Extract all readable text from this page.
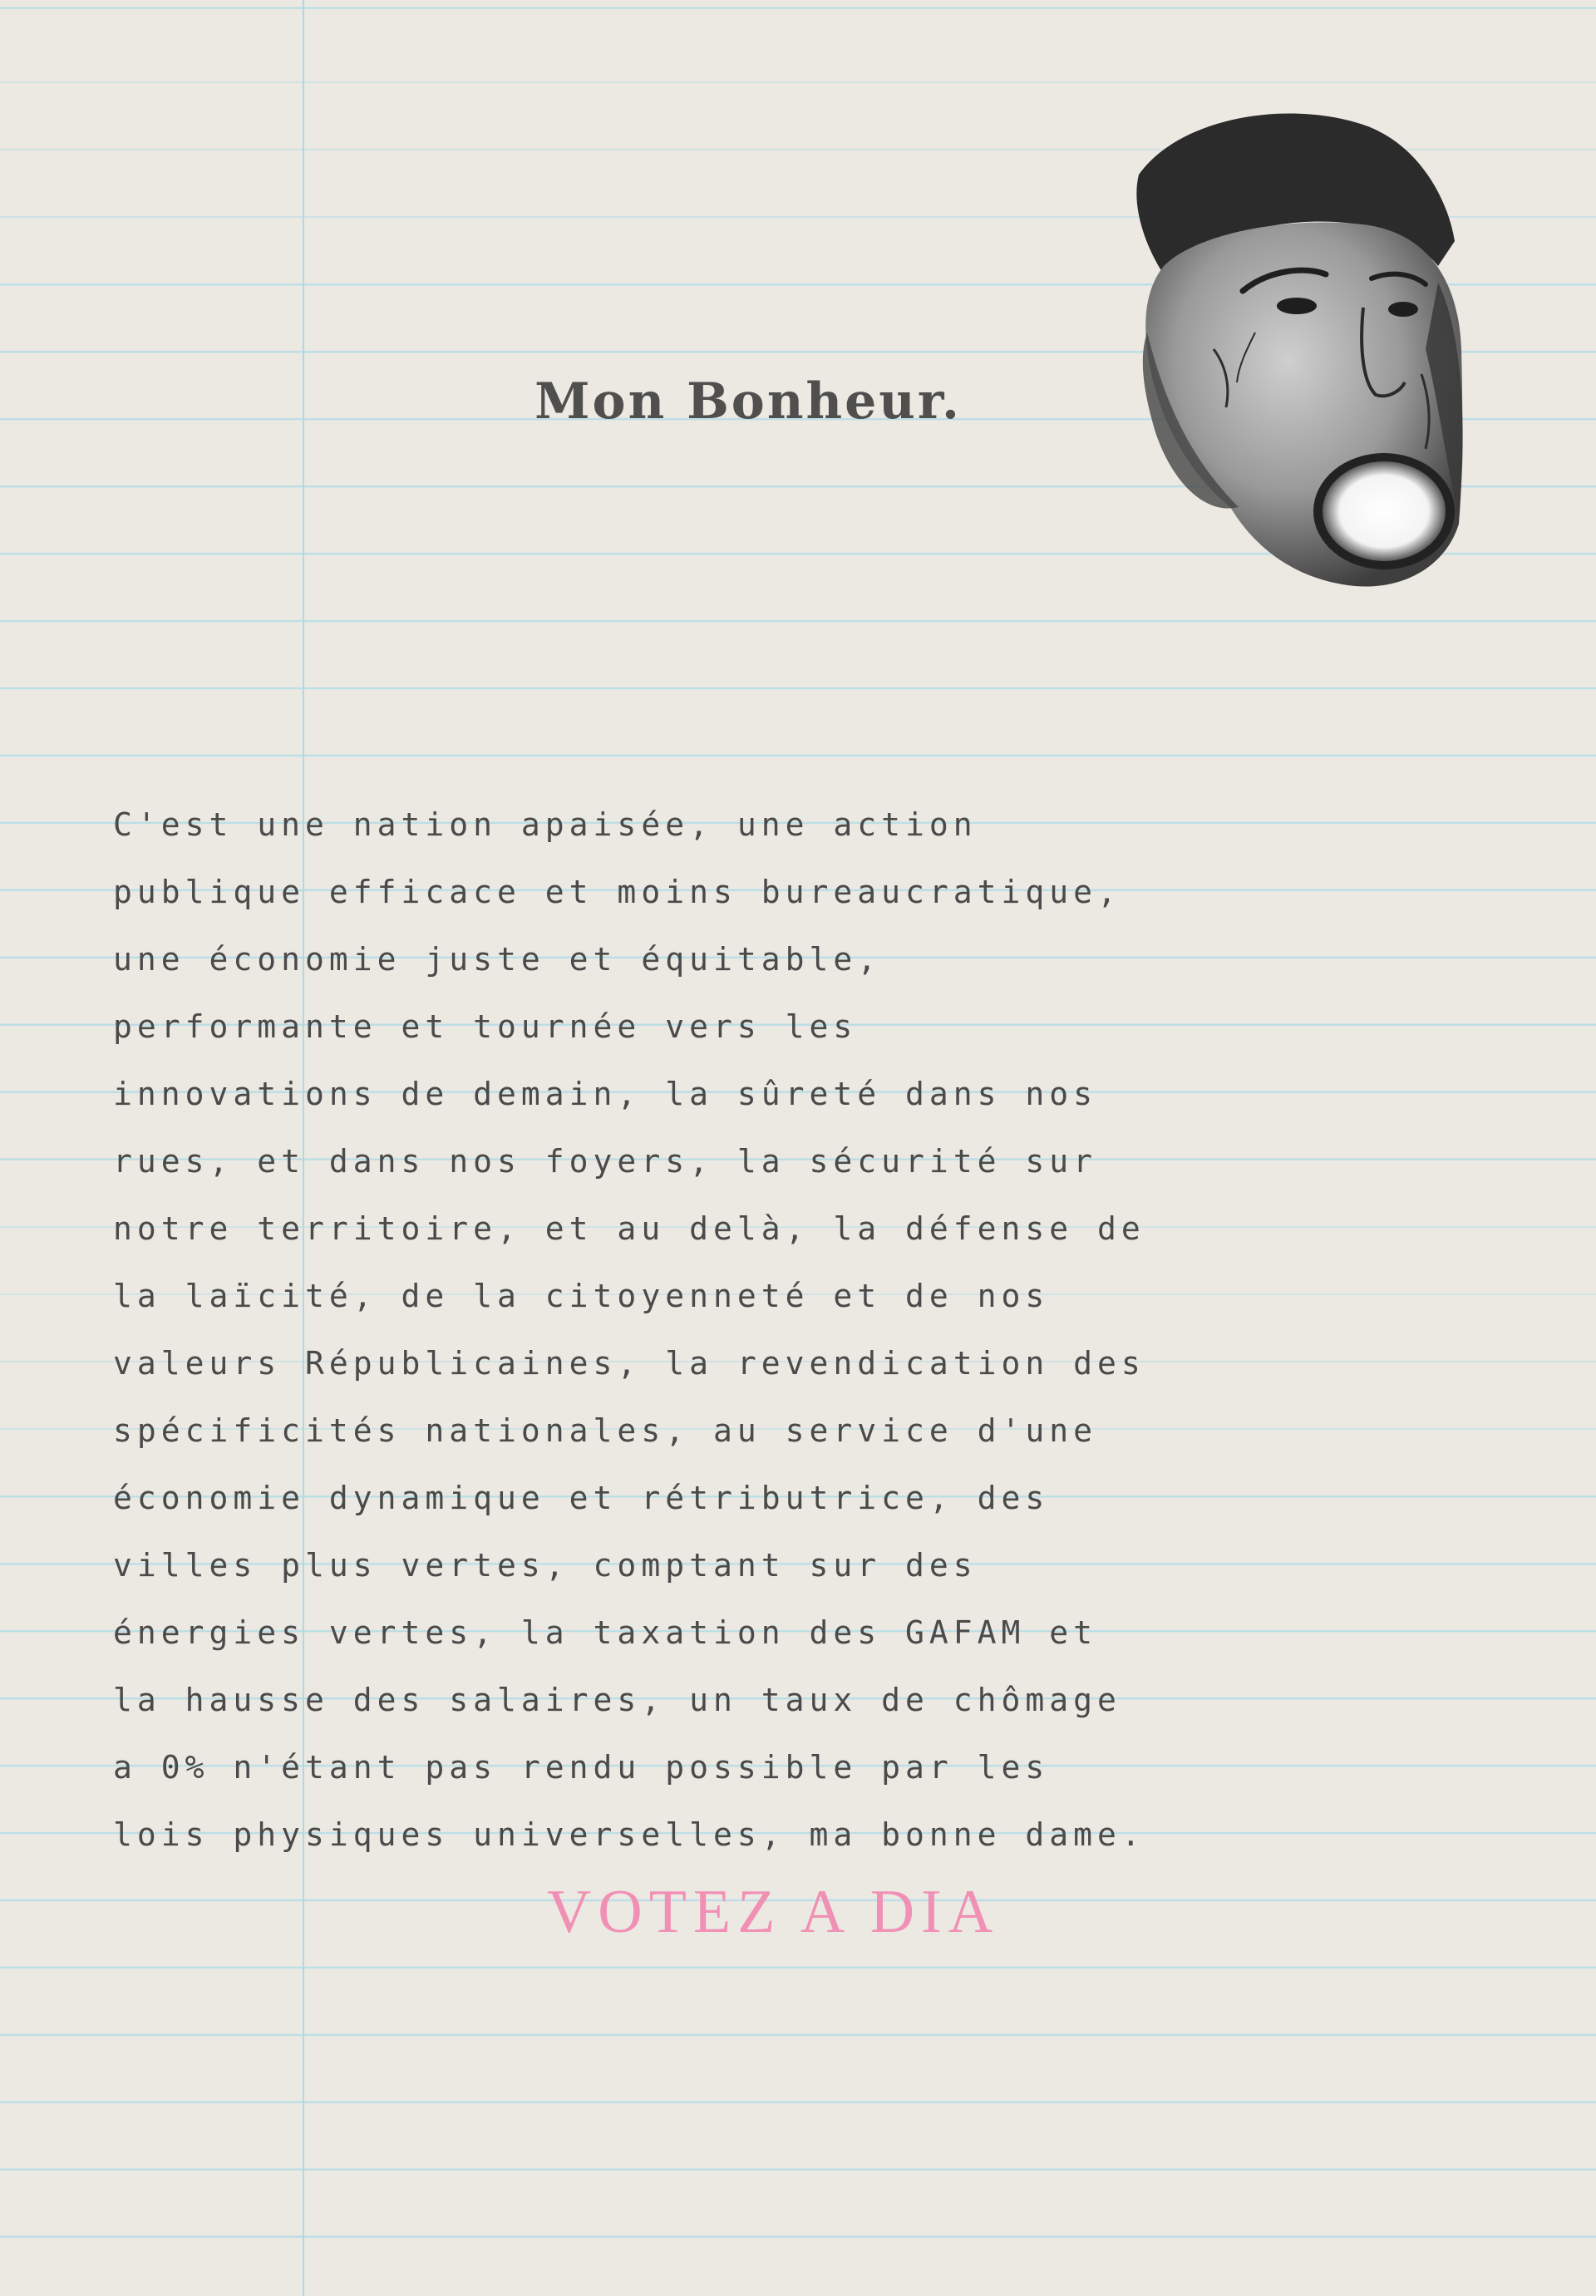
Mon Bonheur.

C'est une nation apaisée, une action
publique efficace et moins bureaucratique,
une économie juste et équitable,
performante et tournée vers les
innovations de demain, la sûreté dans nos
rues, et dans nos foyers, la sécurité sur
notre territoire, et au delà, la défense de
la laïcité, de la citoyenneté et de nos
valeurs Républicaines, la revendication des
spécificités nationales, au service d'une
économie dynamique et rétributrice, des
villes plus vertes, comptant sur des
énergies vertes, la taxation des GAFAM et
la hausse des salaires, un taux de chômage
a 0% n'étant pas rendu possible par les
lois physiques universelles, ma bonne dame.

VOTEZ A DIA
